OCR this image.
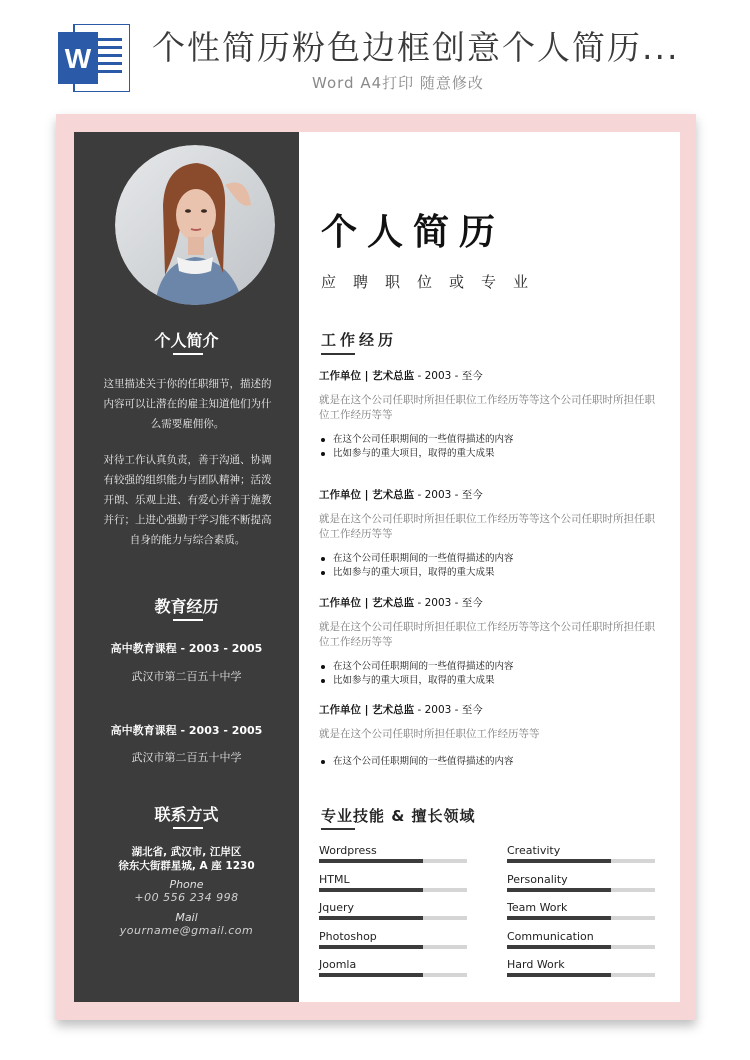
W 个性简历粉色边框创意个人简历...
Word A4打印 随意修改
个人简介
这里描述关于你的任职细节，描述的内容可以让潜在的雇主知道他们为什么需要雇佣你。
对待工作认真负责，善于沟通、协调有较强的组织能力与团队精神；活泼开朗、乐观上进、有爱心并善于施教并行；上进心强勤于学习能不断提高自身的能力与综合素质。
教育经历
高中教育课程 - 2003 - 2005
武汉市第二百五十中学
高中教育课程 - 2003 - 2005
武汉市第二百五十中学
联系方式
湖北省, 武汉市, 江岸区
徐东大街群星城, A 座 1230
Phone
+00 556 234 998
Mail
yourname@gmail.com
个人简历
应聘职位或专业
工作经历
工作单位 | 艺术总监 - 2003 - 至今
就是在这个公司任职时所担任职位工作经历等等这个公司任职时所担任职位工作经历等等
在这个公司任职期间的一些值得描述的内容
比如参与的重大项目，取得的重大成果
工作单位 | 艺术总监 - 2003 - 至今
就是在这个公司任职时所担任职位工作经历等等这个公司任职时所担任职位工作经历等等
在这个公司任职期间的一些值得描述的内容
比如参与的重大项目，取得的重大成果
工作单位 | 艺术总监 - 2003 - 至今
就是在这个公司任职时所担任职位工作经历等等这个公司任职时所担任职位工作经历等等
在这个公司任职期间的一些值得描述的内容
比如参与的重大项目，取得的重大成果
工作单位 | 艺术总监 - 2003 - 至今
就是在这个公司任职时所担任职位工作经历等等
在这个公司任职期间的一些值得描述的内容
专业技能 & 擅长领域
Wordpress
HTML
Jquery
Photoshop
Joomla
Creativity
Personality
Team Work
Communication
Hard Work
